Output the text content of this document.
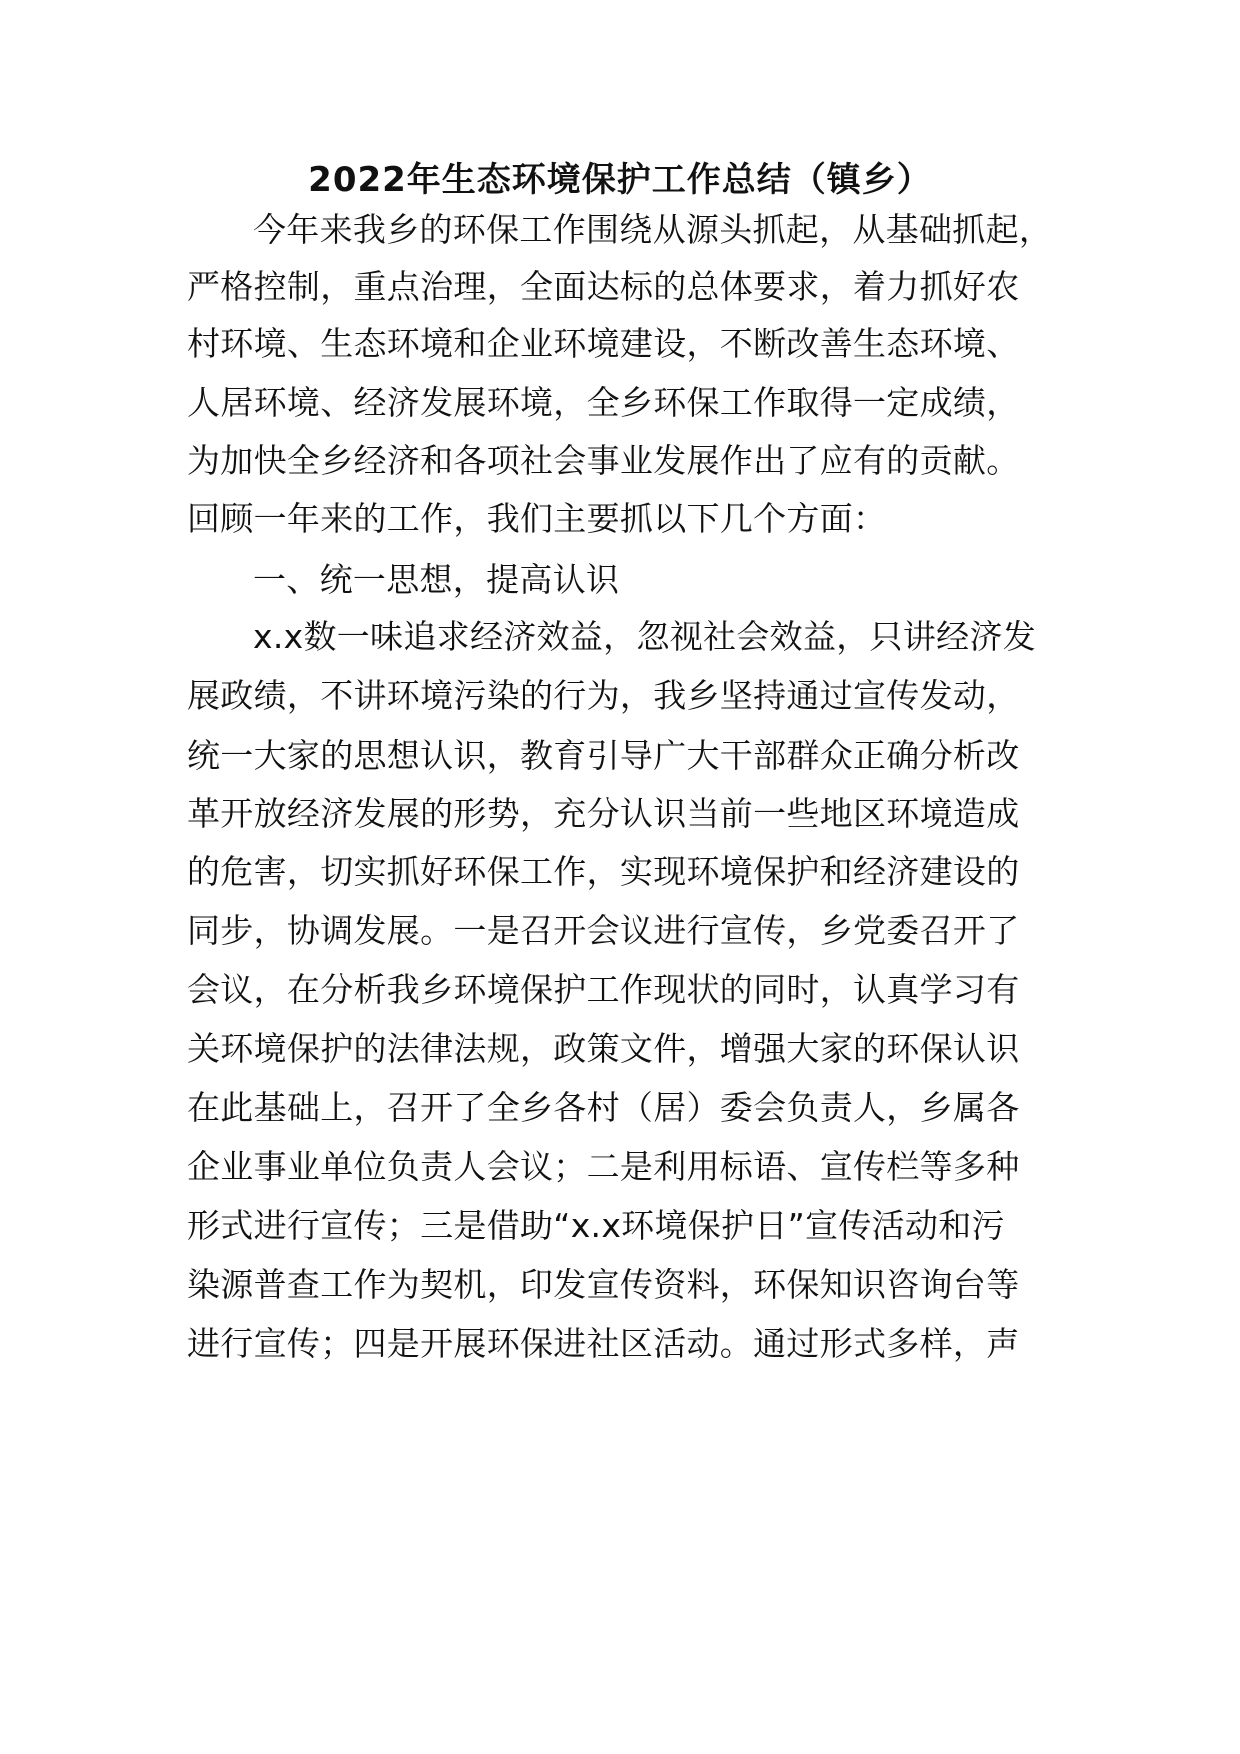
2022年生态环境保护工作总结（镇乡）
今年来我乡的环保工作围绕从源头抓起，从基础抓起，
严格控制，重点治理，全面达标的总体要求，着力抓好农
村环境、生态环境和企业环境建设，不断改善生态环境、
人居环境、经济发展环境，全乡环保工作取得一定成绩，
为加快全乡经济和各项社会事业发展作出了应有的贡献。
回顾一年来的工作，我们主要抓以下几个方面：
一、统一思想，提高认识
x.x数一味追求经济效益，忽视社会效益，只讲经济发
展政绩，不讲环境污染的行为，我乡坚持通过宣传发动，
统一大家的思想认识，教育引导广大干部群众正确分析改
革开放经济发展的形势，充分认识当前一些地区环境造成
的危害，切实抓好环保工作，实现环境保护和经济建设的
同步，协调发展。一是召开会议进行宣传，乡党委召开了
会议，在分析我乡环境保护工作现状的同时，认真学习有
关环境保护的法律法规，政策文件，增强大家的环保认识
在此基础上，召开了全乡各村（居）委会负责人，乡属各
企业事业单位负责人会议；二是利用标语、宣传栏等多种
形式进行宣传；三是借助“x.x环境保护日”宣传活动和污
染源普查工作为契机，印发宣传资料，环保知识咨询台等
进行宣传；四是开展环保进社区活动。通过形式多样，声
